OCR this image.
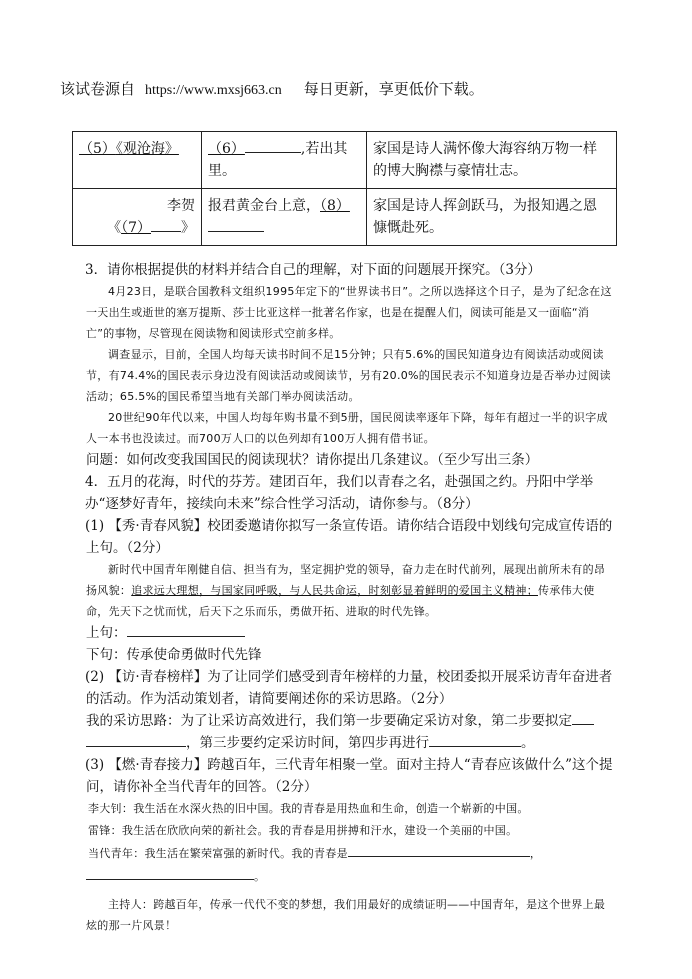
该试卷源自 https://www.mxsj663.cn 每日更新，享更低价下载。
（5）《观沧海》	（6） ,若出其里。	家国是诗人满怀像大海容纳万物一样的博大胸襟与豪情壮志。

李贺
《（7） 》	报君黄金台上意，（8）	家国是诗人挥剑跃马，为报知遇之恩慷慨赴死。

3．请你根据提供的材料并结合自己的理解，对下面的问题展开探究。（3分）

4月23日，是联合国教科文组织1995年定下的“世界读书日”。之所以选择这个日子，是为了纪念在这一天出生或逝世的塞万提斯、莎士比亚这样一批著名作家，也是在提醒人们，阅读可能是又一面临“消亡”的事物，尽管现在阅读物和阅读形式空前多样。

调查显示，目前，全国人均每天读书时间不足15分钟；只有5.6%的国民知道身边有阅读活动或阅读节，有74.4%的国民表示身边没有阅读活动或阅读节，另有20.0%的国民表示不知道身边是否举办过阅读活动；65.5%的国民希望当地有关部门举办阅读活动。

20世纪90年代以来，中国人均每年购书量不到5册，国民阅读率逐年下降，每年有超过一半的识字成人一本书也没读过。而700万人口的以色列却有100万人拥有借书证。

问题：如何改变我国国民的阅读现状？请你提出几条建议。（至少写出三条）

4．五月的花海，时代的芬芳。建团百年，我们以青春之名，赴强国之约。丹阳中学举办“逐梦好青年，接续向未来”综合性学习活动，请你参与。（8分）

(1) 【秀·青春风貌】校团委邀请你拟写一条宣传语。请你结合语段中划线句完成宣传语的上句。（2分）

新时代中国青年刚健自信、担当有为，坚定拥护党的领导，奋力走在时代前列，展现出前所未有的昂扬风貌：追求远大理想，与国家同呼吸，与人民共命运，时刻彰显着鲜明的爱国主义精神；传承伟大使命，先天下之忧而忧，后天下之乐而乐，勇做开拓、进取的时代先锋。

上句：

下句：传承使命勇做时代先锋

(2) 【访·青春榜样】为了让同学们感受到青年榜样的力量，校团委拟开展采访青年奋进者的活动。作为活动策划者，请简要阐述你的采访思路。（2分）

我的采访思路：为了让采访高效进行，我们第一步要确定采访对象，第二步要拟定
，第三步要约定采访时间，第四步再进行	。

(3) 【燃·青春接力】跨越百年，三代青年相聚一堂。面对主持人“青春应该做什么”这个提问，请你补全当代青年的回答。（2分）

李大钊：我生活在水深火热的旧中国。我的青春是用热血和生命，创造一个崭新的中国。

雷锋：我生活在欣欣向荣的新社会。我的青春是用拼搏和汗水，建设一个美丽的中国。

当代青年：我生活在繁荣富强的新时代。我的青春是	，

。

主持人：跨越百年，传承一代代不变的梦想，我们用最好的成绩证明——中国青年，是这个世界上最炫的那一片风景！
